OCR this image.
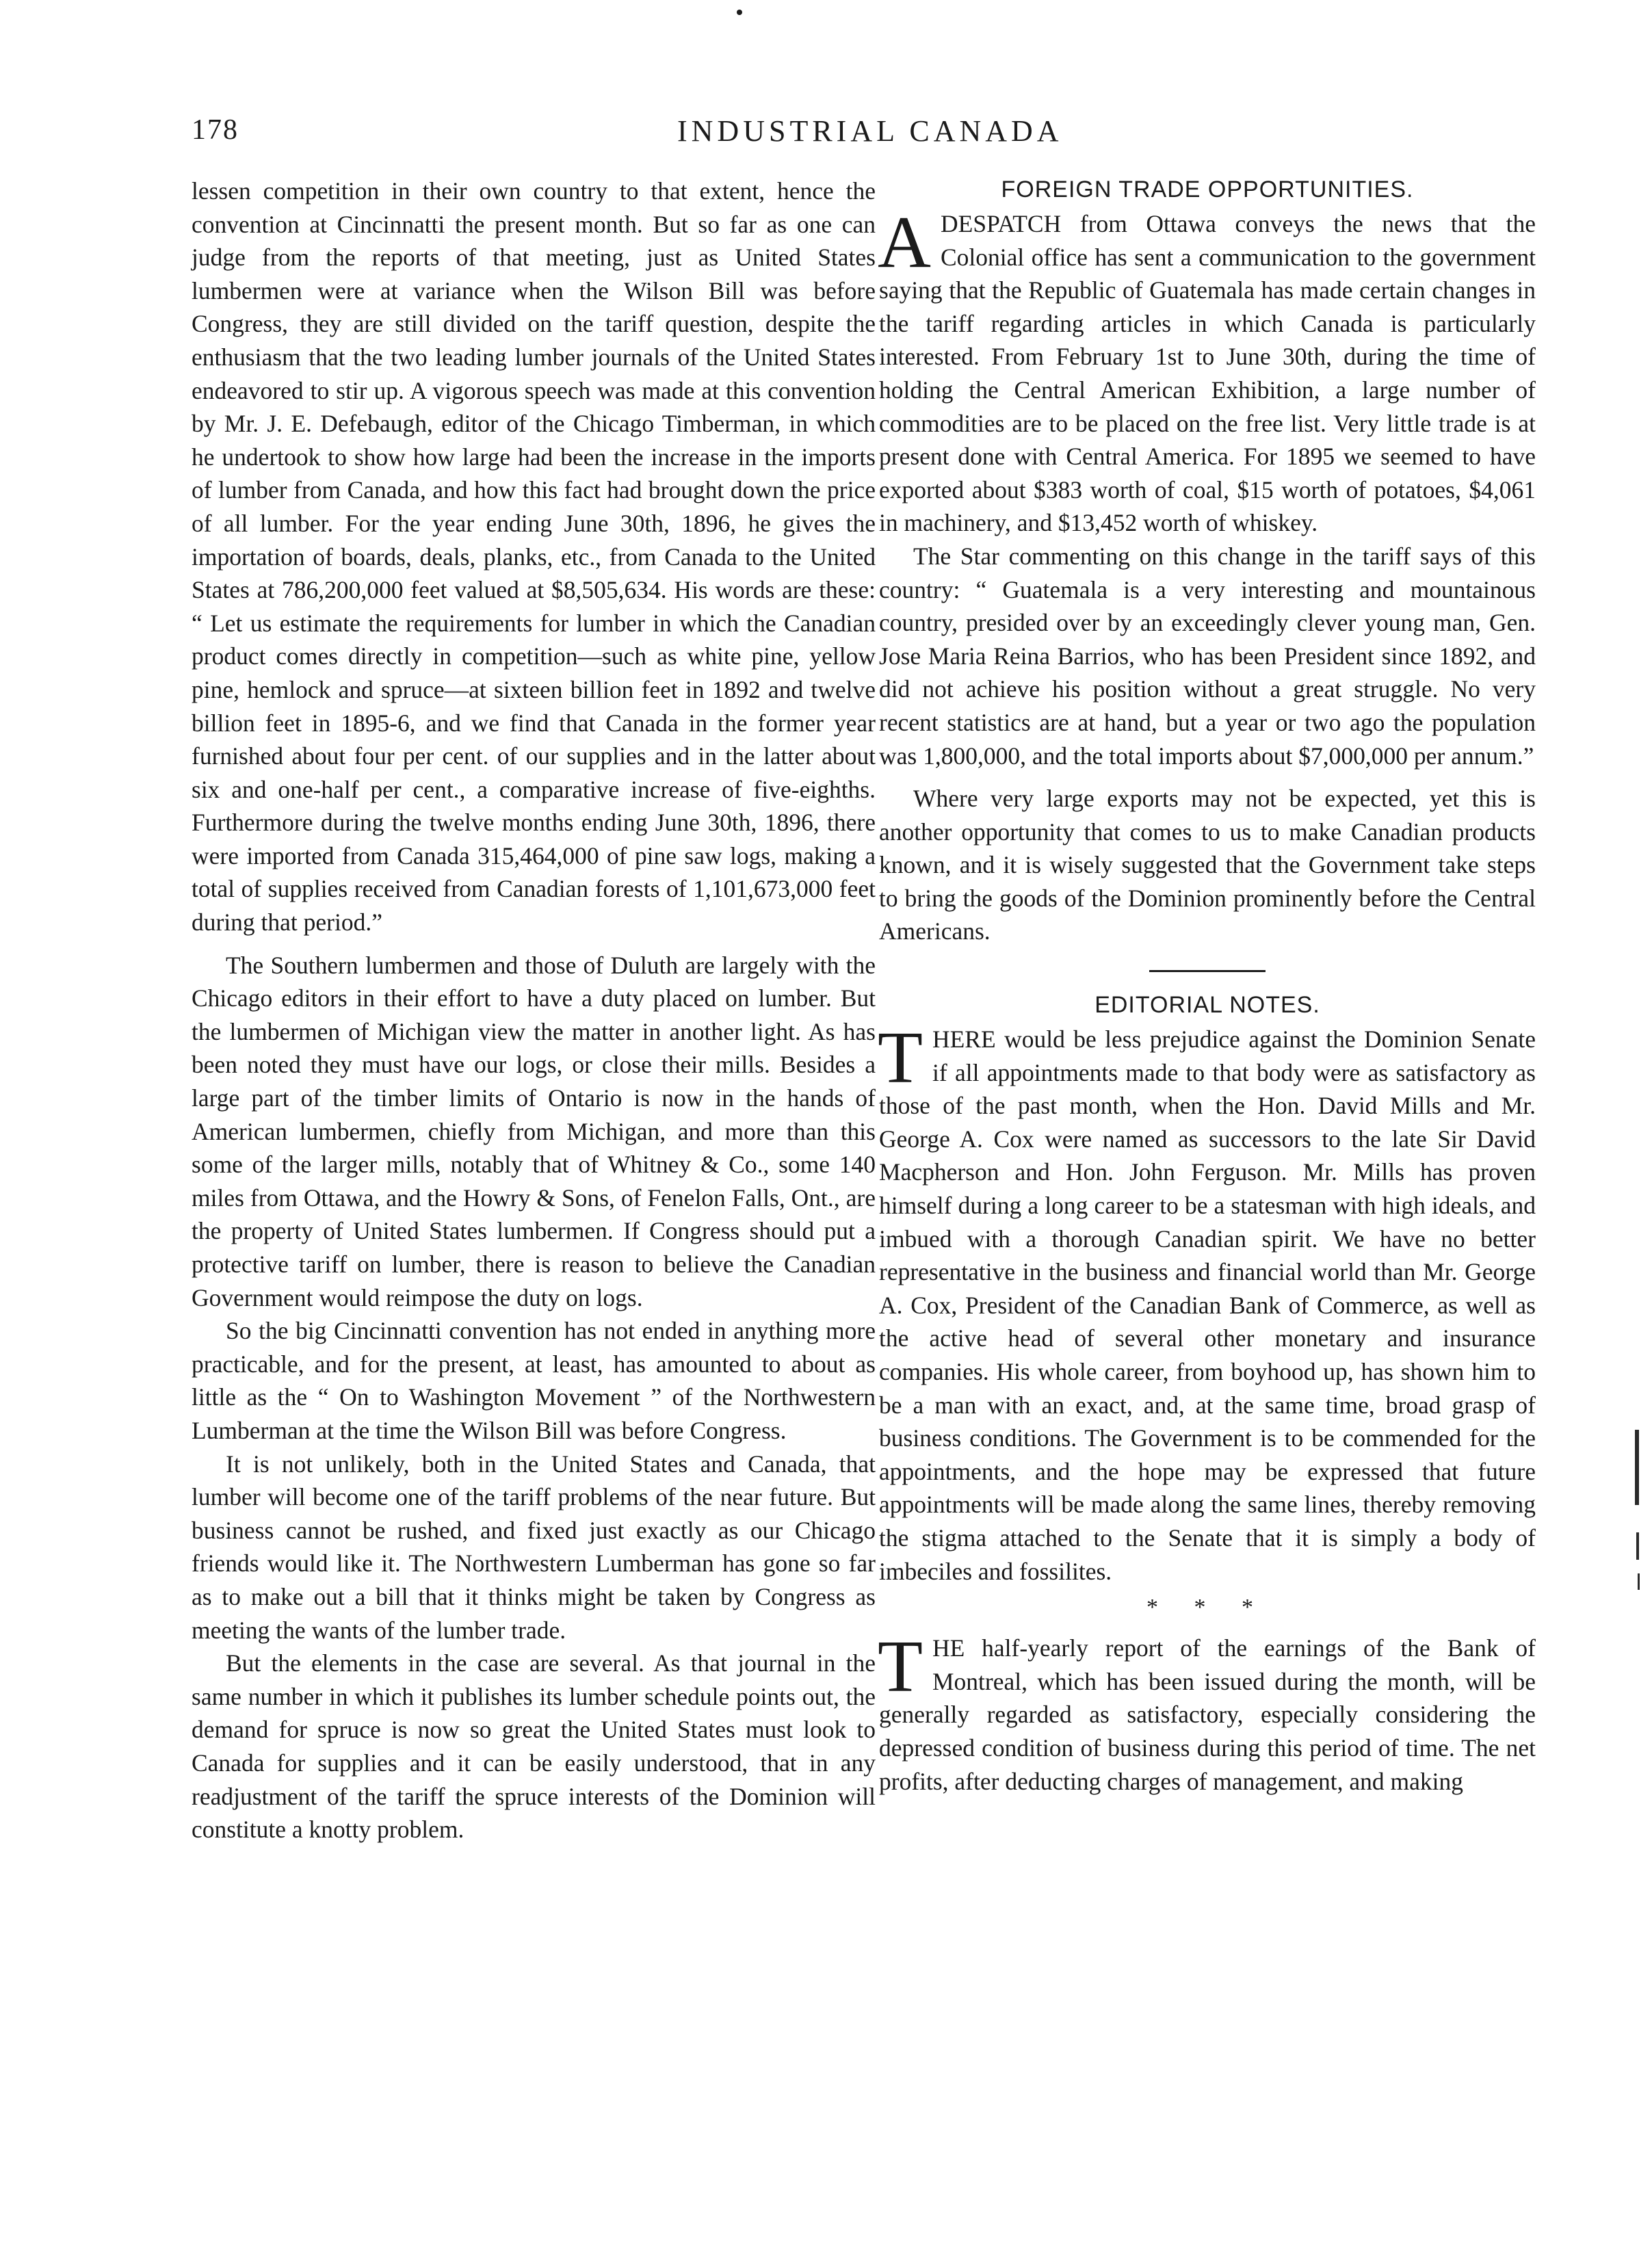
178	INDUSTRIAL CANADA

lessen competition in their own country to that extent, hence the convention at Cincinnatti the present month. But so far as one can judge from the reports of that meeting, just as United States lumbermen were at variance when the Wilson Bill was before Congress, they are still divided on the tariff question, despite the enthusiasm that the two leading lumber journals of the United States endeavored to stir up. A vigorous speech was made at this convention by Mr. J. E. Defebaugh, editor of the Chicago Timberman, in which he undertook to show how large had been the increase in the imports of lumber from Canada, and how this fact had brought down the price of all lumber. For the year ending June 30th, 1896, he gives the importation of boards, deals, planks, etc., from Canada to the United States at 786,200,000 feet valued at $8,505,634. His words are these: “ Let us estimate the requirements for lumber in which the Canadian product comes directly in competition—such as white pine, yellow pine, hemlock and spruce—at sixteen billion feet in 1892 and twelve billion feet in 1895-6, and we find that Canada in the former year furnished about four per cent. of our supplies and in the latter about six and one-half per cent., a comparative increase of five-eighths. Furthermore during the twelve months ending June 30th, 1896, there were imported from Canada 315,464,000 of pine saw logs, making a total of supplies received from Canadian forests of 1,101,673,000 feet during that period.”

The Southern lumbermen and those of Duluth are largely with the Chicago editors in their effort to have a duty placed on lumber. But the lumbermen of Michigan view the matter in another light. As has been noted they must have our logs, or close their mills. Besides a large part of the timber limits of Ontario is now in the hands of American lumbermen, chiefly from Michigan, and more than this some of the larger mills, notably that of Whitney & Co., some 140 miles from Ottawa, and the Howry & Sons, of Fenelon Falls, Ont., are the property of United States lumbermen. If Congress should put a protective tariff on lumber, there is reason to believe the Canadian Government would reimpose the duty on logs.

So the big Cincinnatti convention has not ended in anything more practicable, and for the present, at least, has amounted to about as little as the “ On to Washington Movement ” of the Northwestern Lumberman at the time the Wilson Bill was before Congress.

It is not unlikely, both in the United States and Canada, that lumber will become one of the tariff problems of the near future. But business cannot be rushed, and fixed just exactly as our Chicago friends would like it. The Northwestern Lumberman has gone so far as to make out a bill that it thinks might be taken by Congress as meeting the wants of the lumber trade.

But the elements in the case are several. As that journal in the same number in which it publishes its lumber schedule points out, the demand for spruce is now so great the United States must look to Canada for supplies and it can be easily understood, that in any readjustment of the tariff the spruce interests of the Dominion will constitute a knotty problem.

FOREIGN TRADE OPPORTUNITIES.

ADESPATCH from Ottawa conveys the news that the Colonial office has sent a communication to the government saying that the Republic of Guatemala has made certain changes in the tariff regarding articles in which Canada is particularly interested. From February 1st to June 30th, during the time of holding the Central American Exhibition, a large number of commodities are to be placed on the free list. Very little trade is at present done with Central America. For 1895 we seemed to have exported about $383 worth of coal, $15 worth of potatoes, $4,061 in machinery, and $13,452 worth of whiskey.

The Star commenting on this change in the tariff says of this country: “ Guatemala is a very interesting and mountainous country, presided over by an exceedingly clever young man, Gen. Jose Maria Reina Barrios, who has been President since 1892, and did not achieve his position without a great struggle. No very recent statistics are at hand, but a year or two ago the population was 1,800,000, and the total imports about $7,000,000 per annum.”

Where very large exports may not be expected, yet this is another opportunity that comes to us to make Canadian products known, and it is wisely suggested that the Government take steps to bring the goods of the Dominion prominently before the Central Americans.

EDITORIAL NOTES.

THERE would be less prejudice against the Dominion Senate if all appointments made to that body were as satisfactory as those of the past month, when the Hon. David Mills and Mr. George A. Cox were named as successors to the late Sir David Macpherson and Hon. John Ferguson. Mr. Mills has proven himself during a long career to be a statesman with high ideals, and imbued with a thorough Canadian spirit. We have no better representative in the business and financial world than Mr. George A. Cox, President of the Canadian Bank of Commerce, as well as the active head of several other monetary and insurance companies. His whole career, from boyhood up, has shown him to be a man with an exact, and, at the same time, broad grasp of business conditions. The Government is to be commended for the appointments, and the hope may be expressed that future appointments will be made along the same lines, thereby removing the stigma attached to the Senate that it is simply a body of imbeciles and fossilites.

* * *

THE half-yearly report of the earnings of the Bank of Montreal, which has been issued during the month, will be generally regarded as satisfactory, especially considering the depressed condition of business during this period of time. The net profits, after deducting charges of management, and making
